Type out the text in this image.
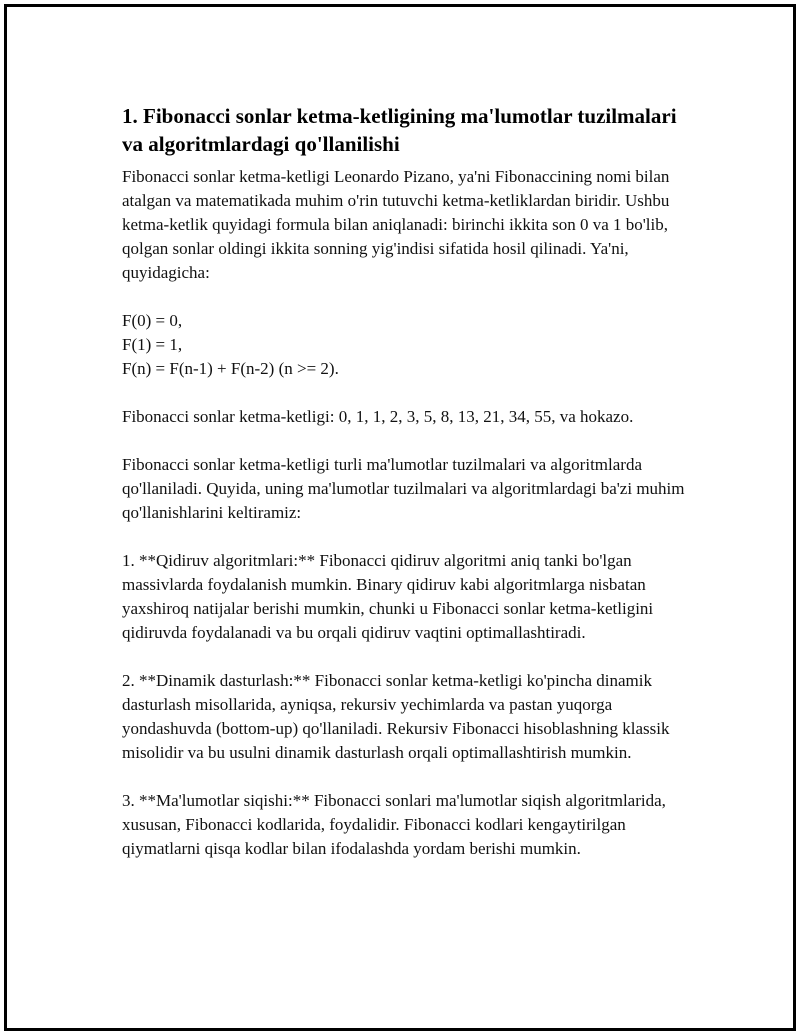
1. Fibonacci sonlar ketma-ketligining ma'lumotlar tuzilmalari va algoritmlardagi qo'llanilishi

Fibonacci sonlar ketma-ketligi Leonardo Pizano, ya'ni Fibonaccining nomi bilan atalgan va matematikada muhim o'rin tutuvchi ketma-ketliklardan biridir. Ushbu ketma-ketlik quyidagi formula bilan aniqlanadi: birinchi ikkita son 0 va 1 bo'lib, qolgan sonlar oldingi ikkita sonning yig'indisi sifatida hosil qilinadi. Ya'ni, quyidagicha:

F(0) = 0,
F(1) = 1,
F(n) = F(n-1) + F(n-2) (n >= 2).

Fibonacci sonlar ketma-ketligi: 0, 1, 1, 2, 3, 5, 8, 13, 21, 34, 55, va hokazo.

Fibonacci sonlar ketma-ketligi turli ma'lumotlar tuzilmalari va algoritmlarda qo'llaniladi. Quyida, uning ma'lumotlar tuzilmalari va algoritmlardagi ba'zi muhim qo'llanishlarini keltiramiz:

1. **Qidiruv algoritmlari:** Fibonacci qidiruv algoritmi aniq tanki bo'lgan massivlarda foydalanish mumkin. Binary qidiruv kabi algoritmlarga nisbatan yaxshiroq natijalar berishi mumkin, chunki u Fibonacci sonlar ketma-ketligini qidiruvda foydalanadi va bu orqali qidiruv vaqtini optimallashtiradi.

2. **Dinamik dasturlash:** Fibonacci sonlar ketma-ketligi ko'pincha dinamik dasturlash misollarida, ayniqsa, rekursiv yechimlarda va pastan yuqorga yondashuvda (bottom-up) qo'llaniladi. Rekursiv Fibonacci hisoblashning klassik misolidir va bu usulni dinamik dasturlash orqali optimallashtirish mumkin.

3. **Ma'lumotlar siqishi:** Fibonacci sonlari ma'lumotlar siqish algoritmlarida, xususan, Fibonacci kodlarida, foydalidir. Fibonacci kodlari kengaytirilgan qiymatlarni qisqa kodlar bilan ifodalashda yordam berishi mumkin.
